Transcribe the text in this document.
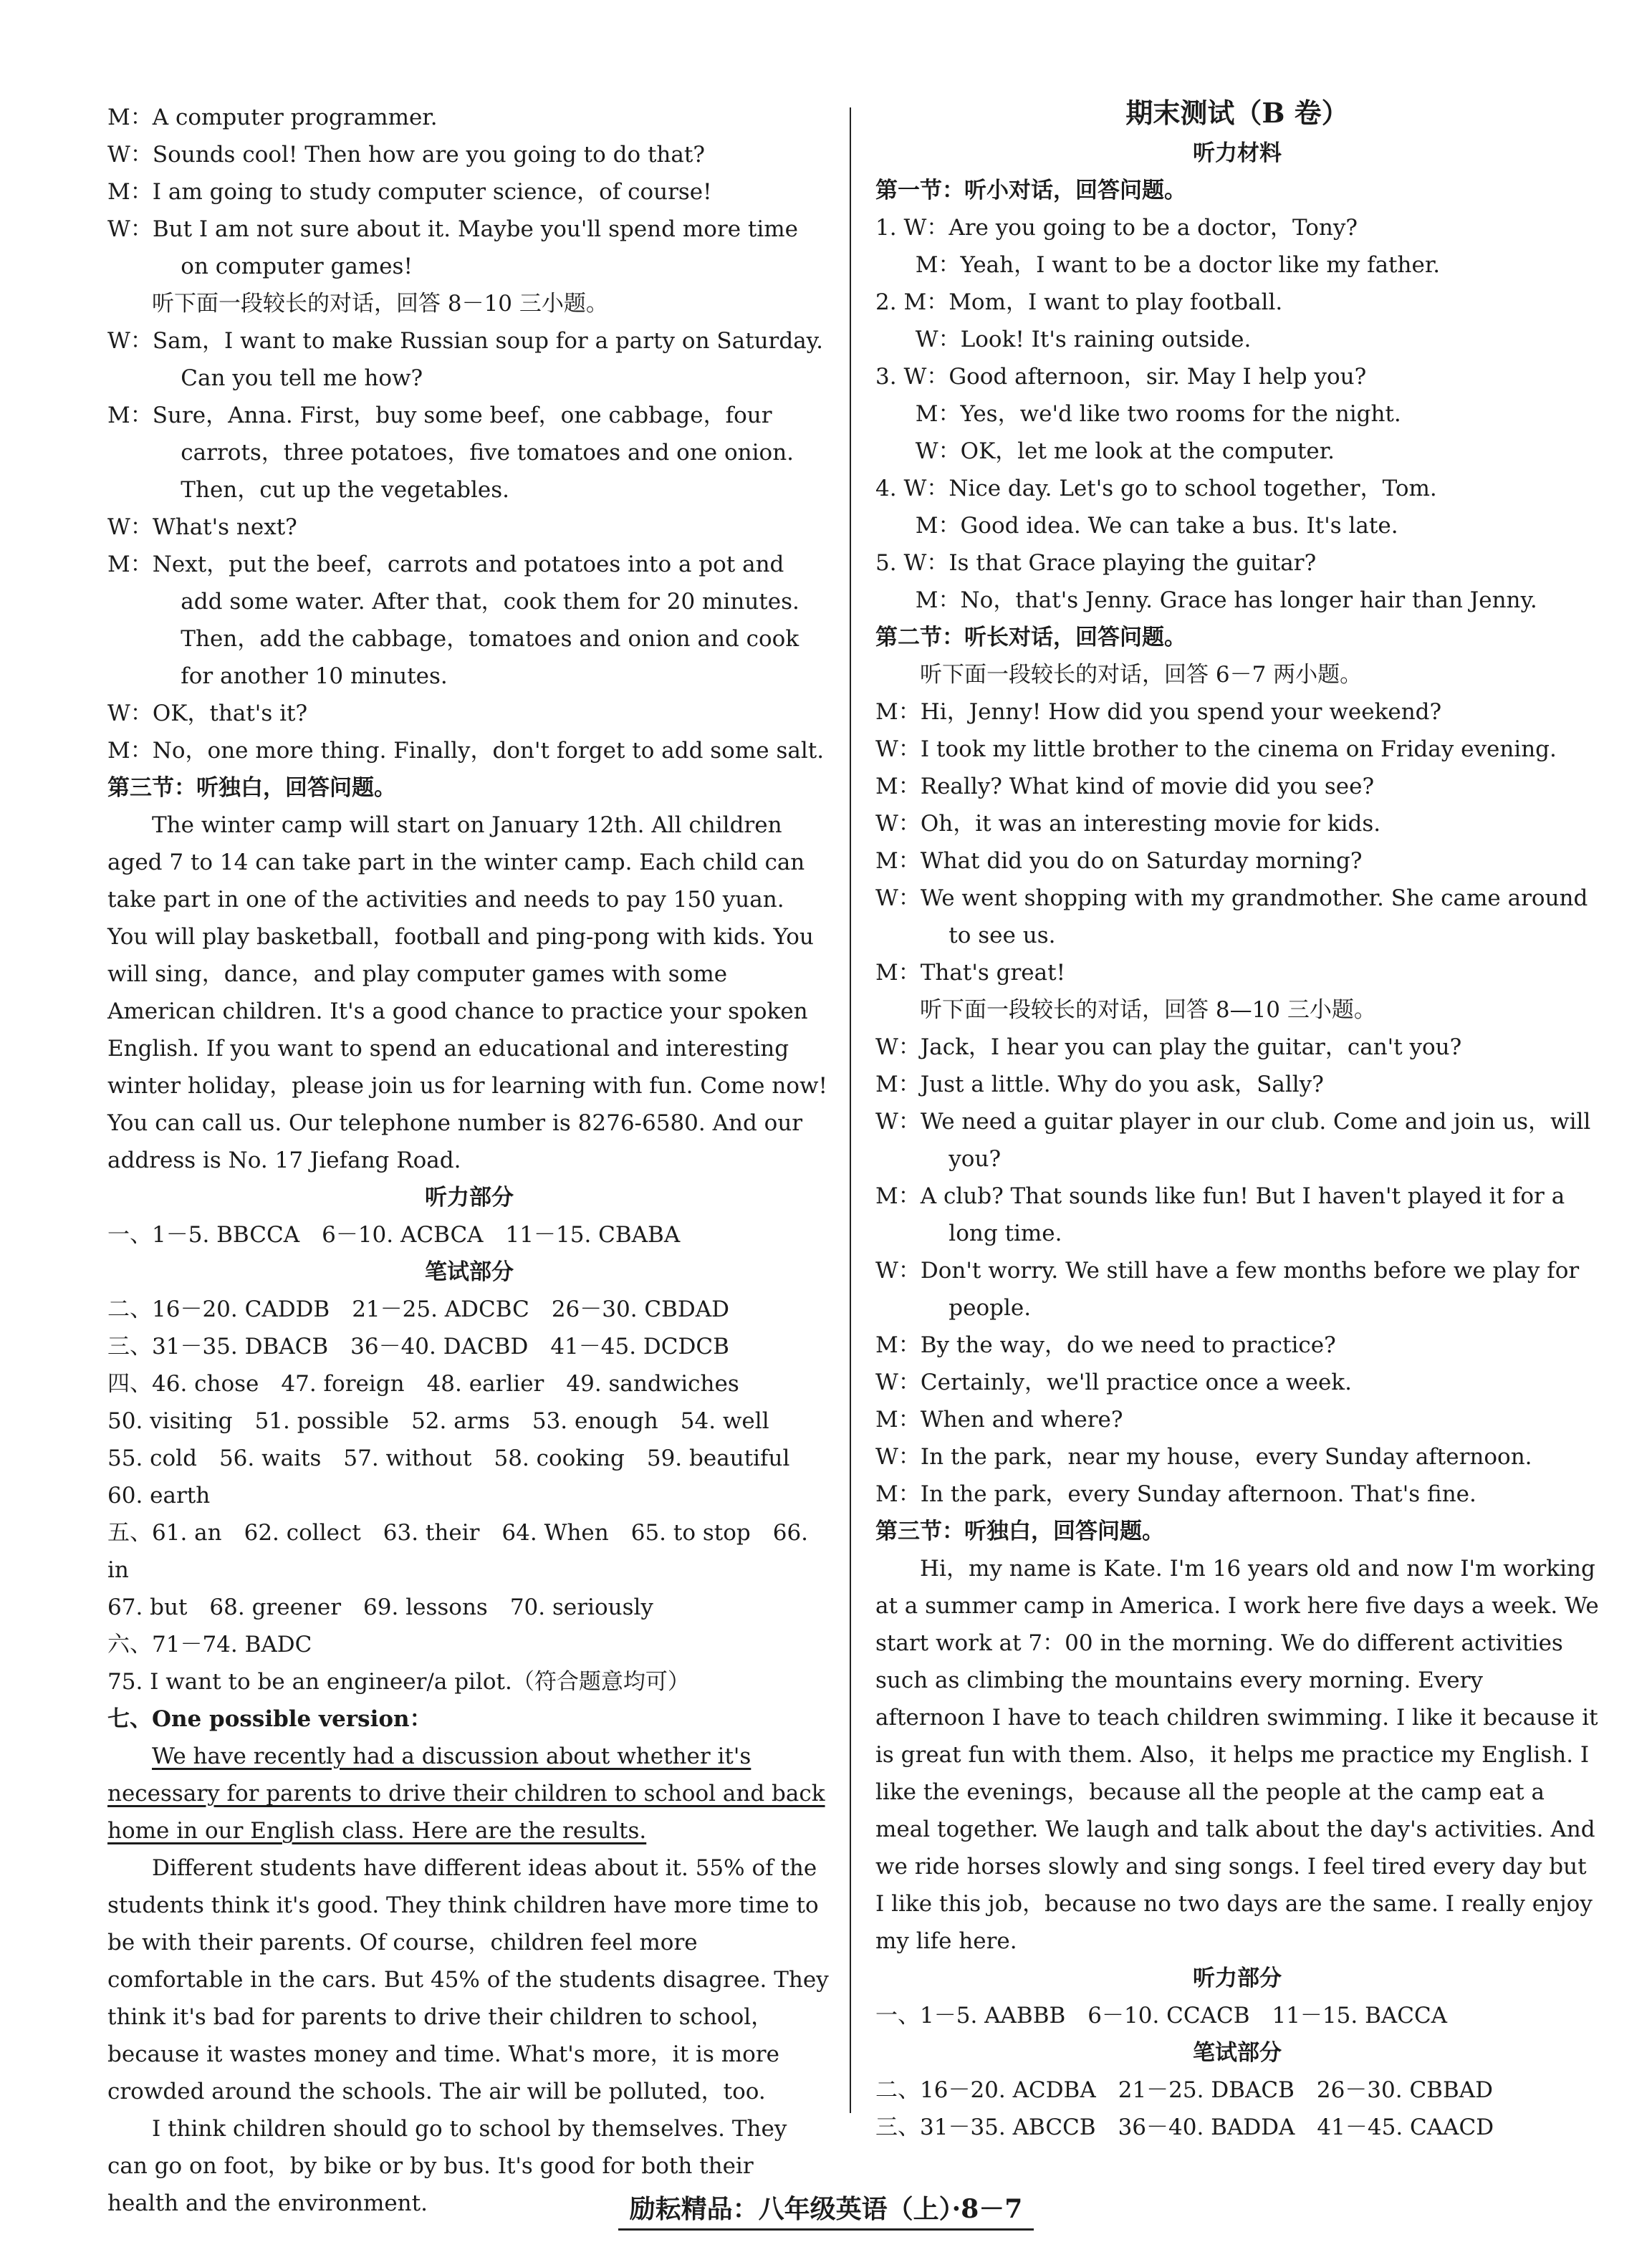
M：A computer programmer.

W：Sounds cool! Then how are you going to do that?

M：I am going to study computer science，of course!

W：But I am not sure about it. Maybe you'll spend more time on computer games!

听下面一段较长的对话，回答 8－10 三小题。

W：Sam，I want to make Russian soup for a party on Saturday. Can you tell me how?

M：Sure，Anna. First，buy some beef，one cabbage，four carrots，three potatoes，five tomatoes and one onion. Then，cut up the vegetables.

W：What's next?

M：Next，put the beef，carrots and potatoes into a pot and add some water. After that，cook them for 20 minutes. Then，add the cabbage，tomatoes and onion and cook for another 10 minutes.

W：OK，that's it?

M：No，one more thing. Finally，don't forget to add some salt.

第三节：听独白，回答问题。

The winter camp will start on January 12th. All children aged 7 to 14 can take part in the winter camp. Each child can take part in one of the activities and needs to pay 150 yuan. You will play basketball，football and ping-pong with kids. You will sing，dance，and play computer games with some American children. It's a good chance to practice your spoken English. If you want to spend an educational and interesting winter holiday，please join us for learning with fun. Come now! You can call us. Our telephone number is 8276-6580. And our address is No. 17 Jiefang Road.

听力部分

一、1－5. BBCCA　6－10. ACBCA　11－15. CBABA

笔试部分

二、16－20. CADDB　21－25. ADCBC　26－30. CBDAD

三、31－35. DBACB　36－40. DACBD　41－45. DCDCB

四、46. chose　47. foreign　48. earlier　49. sandwiches

50. visiting　51. possible　52. arms　53. enough　54. well

55. cold　56. waits　57. without　58. cooking　59. beautiful

60. earth

五、61. an　62. collect　63. their　64. When　65. to stop　66. in

67. but　68. greener　69. lessons　70. seriously

六、71－74. BADC

75. I want to be an engineer/a pilot.（符合题意均可）

七、One possible version：

We have recently had a discussion about whether it's necessary for parents to drive their children to school and back home in our English class. Here are the results.

Different students have different ideas about it. 55% of the students think it's good. They think children have more time to be with their parents. Of course，children feel more comfortable in the cars. But 45% of the students disagree. They think it's bad for parents to drive their children to school，because it wastes money and time. What's more，it is more crowded around the schools. The air will be polluted，too.

I think children should go to school by themselves. They can go on foot，by bike or by bus. It's good for both their health and the environment.

期末测试（B 卷）

听力材料

第一节：听小对话，回答问题。

1. W：Are you going to be a doctor，Tony?

M：Yeah，I want to be a doctor like my father.

2. M：Mom，I want to play football.

W：Look! It's raining outside.

3. W：Good afternoon，sir. May I help you?

M：Yes，we'd like two rooms for the night.

W：OK，let me look at the computer.

4. W：Nice day. Let's go to school together，Tom.

M：Good idea. We can take a bus. It's late.

5. W：Is that Grace playing the guitar?

M：No，that's Jenny. Grace has longer hair than Jenny.

第二节：听长对话，回答问题。

听下面一段较长的对话，回答 6－7 两小题。

M：Hi，Jenny! How did you spend your weekend?

W：I took my little brother to the cinema on Friday evening.

M：Really? What kind of movie did you see?

W：Oh，it was an interesting movie for kids.

M：What did you do on Saturday morning?

W：We went shopping with my grandmother. She came around to see us.

M：That's great!

听下面一段较长的对话，回答 8—10 三小题。

W：Jack，I hear you can play the guitar，can't you?

M：Just a little. Why do you ask，Sally?

W：We need a guitar player in our club. Come and join us，will you?

M：A club? That sounds like fun! But I haven't played it for a long time.

W：Don't worry. We still have a few months before we play for people.

M：By the way，do we need to practice?

W：Certainly，we'll practice once a week.

M：When and where?

W：In the park，near my house，every Sunday afternoon.

M：In the park，every Sunday afternoon. That's fine.

第三节：听独白，回答问题。

Hi，my name is Kate. I'm 16 years old and now I'm working at a summer camp in America. I work here five days a week. We start work at 7：00 in the morning. We do different activities such as climbing the mountains every morning. Every afternoon I have to teach children swimming. I like it because it is great fun with them. Also，it helps me practice my English. I like the evenings，because all the people at the camp eat a meal together. We laugh and talk about the day's activities. And we ride horses slowly and sing songs. I feel tired every day but I like this job，because no two days are the same. I really enjoy my life here.

听力部分

一、1－5. AABBB　6－10. CCACB　11－15. BACCA

笔试部分

二、16－20. ACDBA　21－25. DBACB　26－30. CBBAD

三、31－35. ABCCB　36－40. BADDA　41－45. CAACD

励耘精品：八年级英语（上）·8－7
